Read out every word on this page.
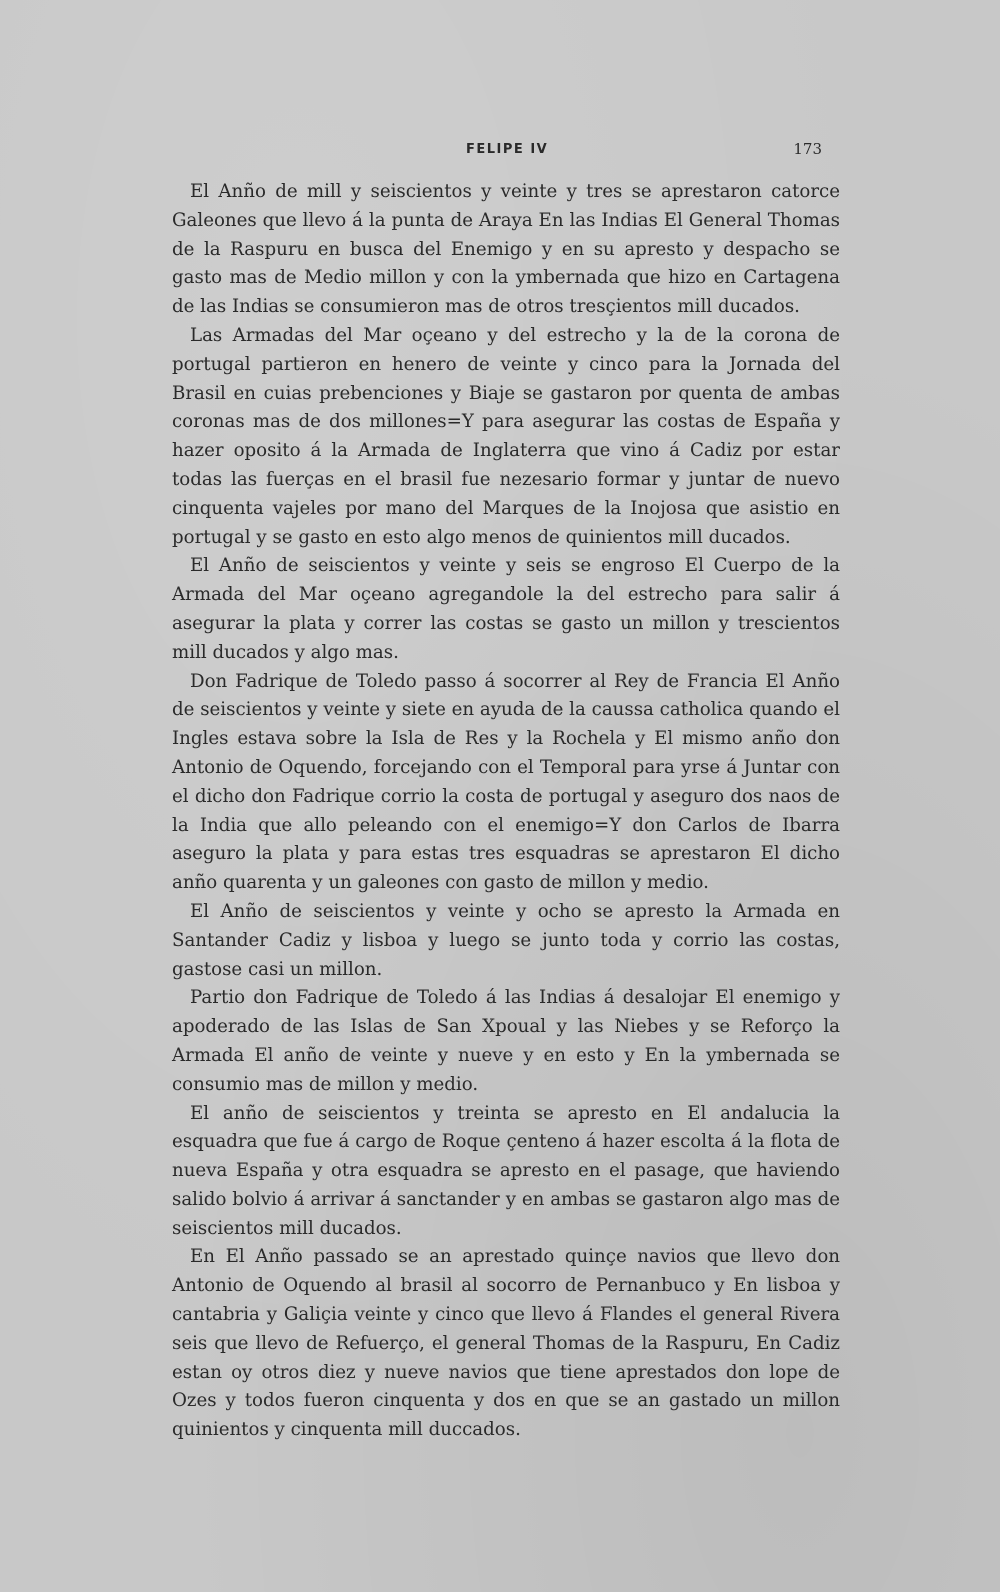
FELIPE IV	173

El Anño de mill y seiscientos y veinte y tres se aprestaron catorce Galeones que llevo á la punta de Araya En las Indias El General Thomas de la Raspuru en busca del Enemigo y en su apresto y despacho se gasto mas de Medio millon y con la ymbernada que hizo en Cartagena de las Indias se consumieron mas de otros tresçientos mill ducados.

Las Armadas del Mar oçeano y del estrecho y la de la corona de portugal partieron en henero de veinte y cinco para la Jornada del Brasil en cuias prebenciones y Biaje se gastaron por quenta de ambas coronas mas de dos millones=Y para asegurar las costas de España y hazer oposito á la Armada de Inglaterra que vino á Cadiz por estar todas las fuerças en el brasil fue nezesario formar y juntar de nuevo cinquenta vajeles por mano del Marques de la Inojosa que asistio en portugal y se gasto en esto algo menos de quinientos mill ducados.

El Anño de seiscientos y veinte y seis se engroso El Cuerpo de la Armada del Mar oçeano agregandole la del estrecho para salir á asegurar la plata y correr las costas se gasto un millon y trescientos mill ducados y algo mas.

Don Fadrique de Toledo passo á socorrer al Rey de Francia El Anño de seiscientos y veinte y siete en ayuda de la caussa catholica quando el Ingles estava sobre la Isla de Res y la Rochela y El mismo anño don Antonio de Oquendo, forcejando con el Temporal para yrse á Juntar con el dicho don Fadrique corrio la costa de portugal y aseguro dos naos de la India que allo peleando con el enemigo=Y don Carlos de Ibarra aseguro la plata y para estas tres esquadras se aprestaron El dicho anño quarenta y un galeones con gasto de millon y medio.

El Anño de seiscientos y veinte y ocho se apresto la Armada en Santander Cadiz y lisboa y luego se junto toda y corrio las costas, gastose casi un millon.

Partio don Fadrique de Toledo á las Indias á desalojar El enemigo y apoderado de las Islas de San Xpoual y las Niebes y se Reforço la Armada El anño de veinte y nueve y en esto y En la ymbernada se consumio mas de millon y medio.

El anño de seiscientos y treinta se apresto en El andalucia la esquadra que fue á cargo de Roque çenteno á hazer escolta á la flota de nueva España y otra esquadra se apresto en el pasage, que haviendo salido bolvio á arrivar á sanctander y en ambas se gastaron algo mas de seiscientos mill ducados.

En El Anño passado se an aprestado quinçe navios que llevo don Antonio de Oquendo al brasil al socorro de Pernanbuco y En lisboa y cantabria y Galiçia veinte y cinco que llevo á Flandes el general Rivera seis que llevo de Refuerço, el general Thomas de la Raspuru, En Cadiz estan oy otros diez y nueve navios que tiene aprestados don lope de Ozes y todos fueron cinquenta y dos en que se an gastado un millon quinientos y cinquenta mill duccados.
